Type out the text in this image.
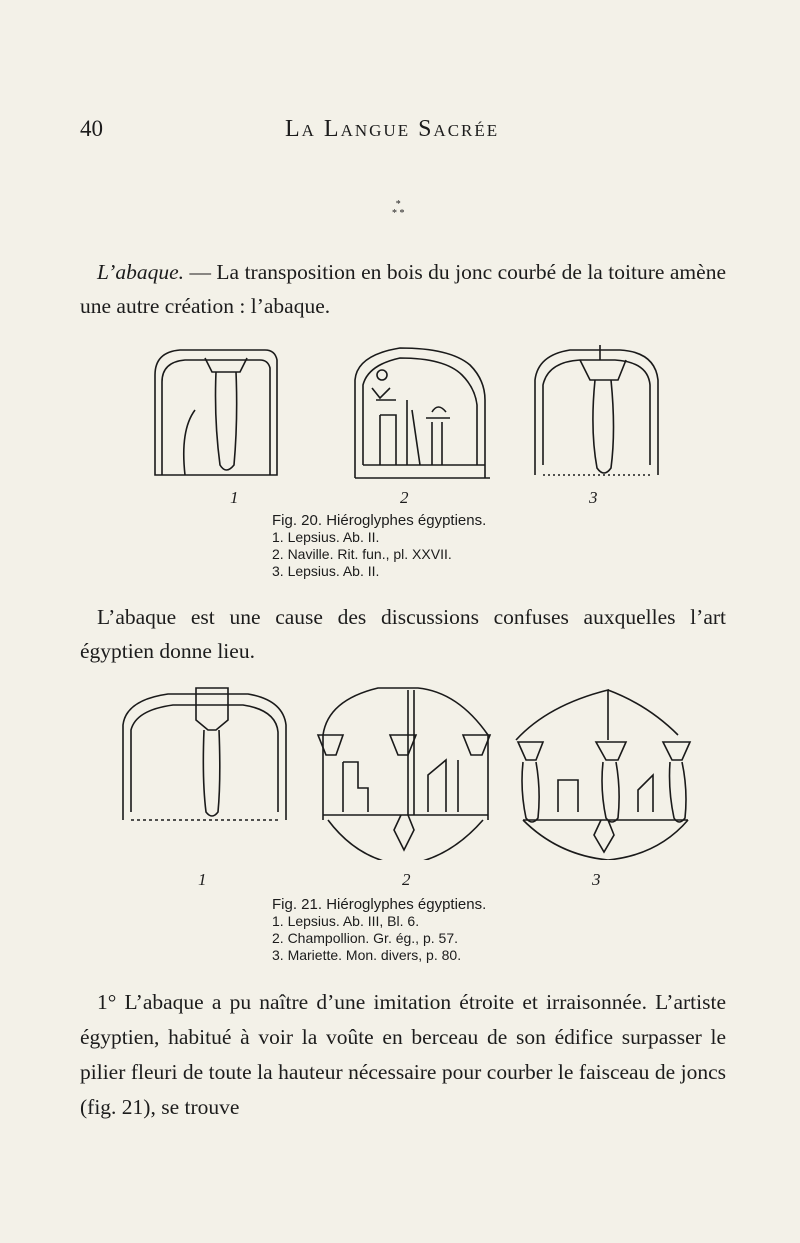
40	La Langue Sacrée
*
* *
L’abaque. — La transposition en bois du jonc courbé de la toiture amène une autre création : l’abaque.
1	2	3
Fig. 20. Hiéroglyphes égyptiens.
1. Lepsius. Ab. II.
2. Naville. Rit. fun., pl. XXVII.
3. Lepsius. Ab. II.
L’abaque est une cause des discussions confuses auxquelles l’art égyptien donne lieu.
1	2	3
Fig. 21. Hiéroglyphes égyptiens.
1. Lepsius. Ab. III, Bl. 6.
2. Champollion. Gr. ég., p. 57.
3. Mariette. Mon. divers, p. 80.
1° L’abaque a pu naître d’une imitation étroite et irraisonnée. L’artiste égyptien, habitué à voir la voûte en berceau de son édifice surpasser le pilier fleuri de toute la hauteur nécessaire pour courber le faisceau de joncs (fig. 21), se trouve
